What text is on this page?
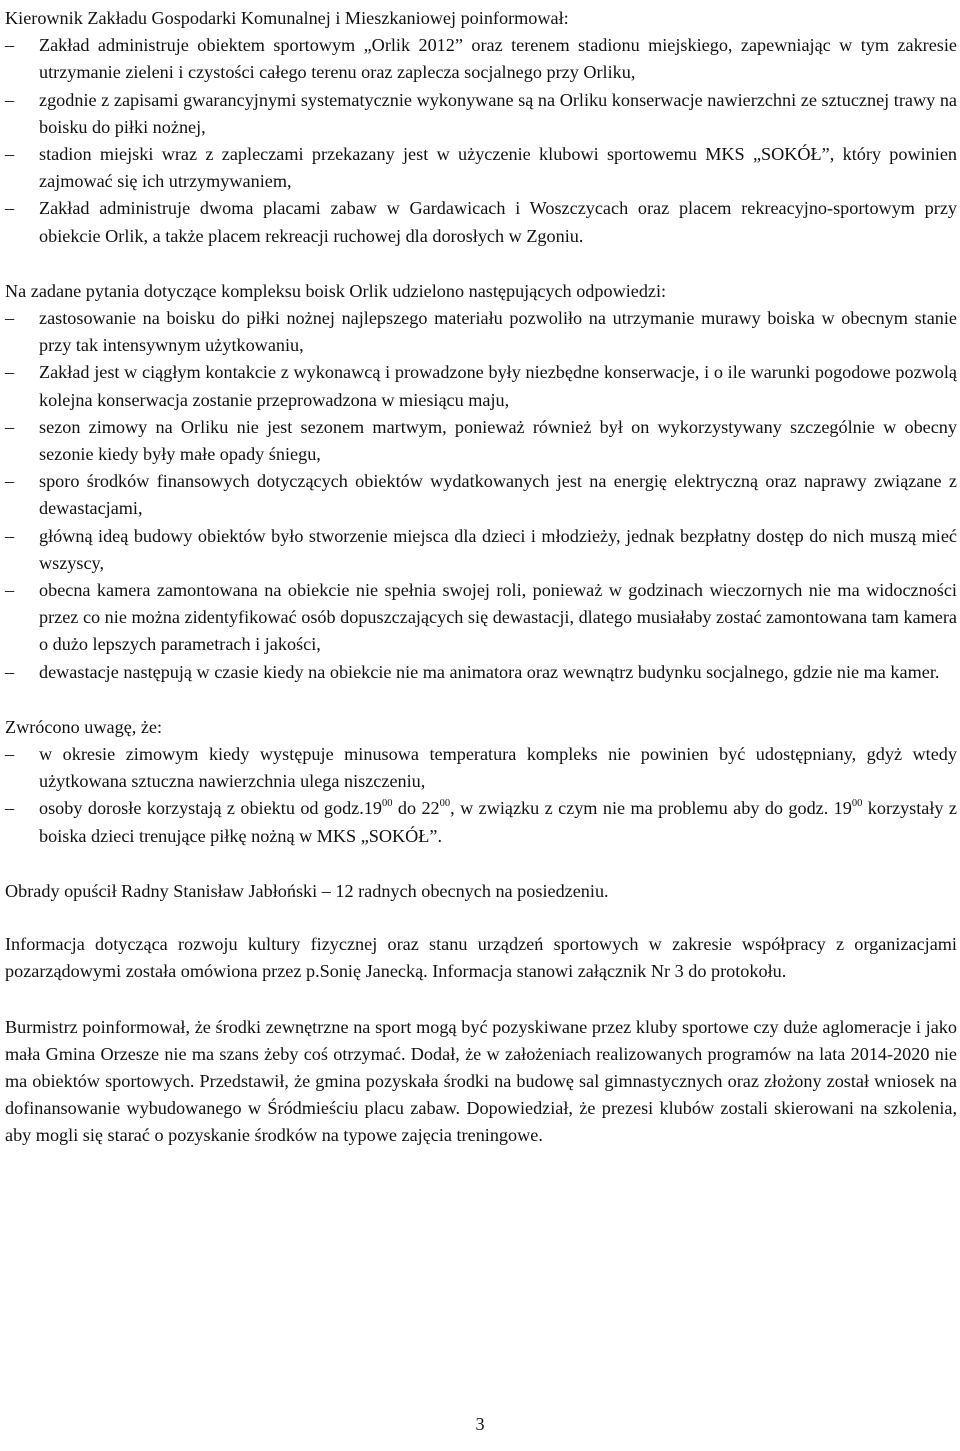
Kierownik Zakładu Gospodarki Komunalnej i Mieszkaniowej poinformował:

– Zakład administruje obiektem sportowym „Orlik 2012” oraz terenem stadionu miejskiego, zapewniając w tym zakresie utrzymanie zieleni i czystości całego terenu oraz zaplecza socjalnego przy Orliku,
– zgodnie z zapisami gwarancyjnymi systematycznie wykonywane są na Orliku konserwacje nawierzchni ze sztucznej trawy na boisku do piłki nożnej,
– stadion miejski wraz z zapleczami przekazany jest w użyczenie klubowi sportowemu MKS „SOKÓŁ”, który powinien zajmować się ich utrzymywaniem,
– Zakład administruje dwoma placami zabaw w Gardawicach i Woszczycach oraz placem rekreacyjno-sportowym przy obiekcie Orlik, a także placem rekreacji ruchowej dla dorosłych w Zgoniu.

Na zadane pytania dotyczące kompleksu boisk Orlik udzielono następujących odpowiedzi:

– zastosowanie na boisku do piłki nożnej najlepszego materiału pozwoliło na utrzymanie murawy boiska w obecnym stanie przy tak intensywnym użytkowaniu,
– Zakład jest w ciągłym kontakcie z wykonawcą i prowadzone były niezbędne konserwacje, i o ile warunki pogodowe pozwolą kolejna konserwacja zostanie przeprowadzona w miesiącu maju,
– sezon zimowy na Orliku nie jest sezonem martwym, ponieważ również był on wykorzystywany szczególnie w obecny sezonie kiedy były małe opady śniegu,
– sporo środków finansowych dotyczących obiektów wydatkowanych jest na energię elektryczną oraz naprawy związane z dewastacjami,
– główną ideą budowy obiektów było stworzenie miejsca dla dzieci i młodzieży, jednak bezpłatny dostęp do nich muszą mieć wszyscy,
– obecna kamera zamontowana na obiekcie nie spełnia swojej roli, ponieważ w godzinach wieczornych nie ma widoczności przez co nie można zidentyfikować osób dopuszczających się dewastacji, dlatego musiałaby zostać zamontowana tam kamera o dużo lepszych parametrach i jakości,
– dewastacje następują w czasie kiedy na obiekcie nie ma animatora oraz wewnątrz budynku socjalnego, gdzie nie ma kamer.

Zwrócono uwagę, że:

– w okresie zimowym kiedy występuje minusowa temperatura kompleks nie powinien być udostępniany, gdyż wtedy użytkowana sztuczna nawierzchnia ulega niszczeniu,
– osoby dorosłe korzystają z obiektu od $godz.19^{00}$ do $22^{00}$, w związku z czym nie ma problemu aby do godz. $19^{00}$ korzystały z boiska dzieci trenujące piłkę nożną w MKS „SOKÓŁ”.

Obrady opuścił Radny Stanisław Jabłoński – 12 radnych obecnych na posiedzeniu.

Informacja dotycząca rozwoju kultury fizycznej oraz stanu urządzeń sportowych w zakresie współpracy z organizacjami pozarządowymi została omówiona przez p.Sonię Janecką. Informacja stanowi załącznik Nr 3 do protokołu.

Burmistrz poinformował, że środki zewnętrzne na sport mogą być pozyskiwane przez kluby sportowe czy duże aglomeracje i jako mała Gmina Orzesze nie ma szans żeby coś otrzymać. Dodał, że w założeniach realizowanych programów na lata 2014-2020 nie ma obiektów sportowych. Przedstawił, że gmina pozyskała środki na budowę sal gimnastycznych oraz złożony został wniosek na dofinansowanie wybudowanego w Śródmieściu placu zabaw. Dopowiedział, że prezesi klubów zostali skierowani na szkolenia, aby mogli się starać o pozyskanie środków na typowe zajęcia treningowe.

3
